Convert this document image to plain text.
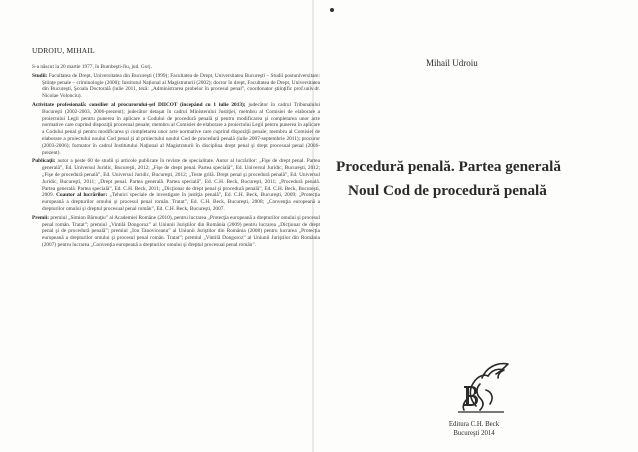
UDROIU, MIHAIL

S-a născut la 20 martie 1977, în Bumbeşti-Jiu, jud. Gorj.

Studii: Facultatea de Drept, Universitatea din Bucureşti (1999); Facultatea de Drept, Universitatea Bucureşti – Studii postuniversitare: Ştiinţe penale – criminologie (2000); Institutul Naţional al Magistraturii (2002); doctor în drept, Facultatea de Drept, Universitatea din Bucureşti, Şcoala Doctorală (iulie 2011, teză: „Administrarea probelor în procesul penal”, coordonator ştiinţific prof.univ.dr. Nicolae Volonciu).

Activitate profesională: consilier al procurorului-şef DIICOT (începând cu 1 iulie 2013); judecător în cadrul Tribunalului Bucureşti (2002-2003, 2006-prezent); judecător detaşat în cadrul Ministerului Justiţiei, membru al Comisiei de elaborare a proiectului Legii pentru punerea în aplicare a Codului de procedură penală şi pentru modificarea şi completarea unor acte normative care cuprind dispoziţii procesual penale; membru al Comisiei de elaborare a proiectului Legii pentru punerea în aplicare a Codului penal şi pentru modificarea şi completarea unor acte normative care cuprind dispoziţii penale; membru al Comisiei de elaborare a proiectului noului Cod penal şi al proiectului noului Cod de procedură penală (iulie 2007-septembrie 2011); procuror (2003-2006); formator în cadrul Institutului Naţional al Magistraturii în disciplina drept penal şi drept procesual penal (2006-prezent).

Publicaţii: autor a peste 60 de studii şi articole publicate în reviste de specialitate. Autor al lucrărilor: „Fişe de drept penal. Partea generală”, Ed. Universul Juridic, Bucureşti, 2012; „Fişe de drept penal. Partea specială”, Ed. Universul Juridic, Bucureşti, 2012; „Fişe de procedură penală”, Ed. Universul Juridic, Bucureşti, 2012; „Teste grilă. Drept penal şi procedură penală”, Ed. Universul Juridic, Bucureşti, 2011; „Drept penal. Partea generală. Partea specială”, Ed. C.H. Beck, Bucureşti, 2011; „Procedură penală. Partea generală. Partea specială”, Ed. C.H. Beck, 2011; „Dicţionar de drept penal şi procedură penală”, Ed. C.H. Beck, Bucureşti, 2009. Coautor al lucrărilor: „Tehnici speciale de investigare în justiţia penală”, Ed. C.H. Beck, Bucureşti, 2009; „Protecţia europeană a drepturilor omului şi procesul penal român. Tratat”, Ed. C.H. Beck, Bucureşti, 2008; „Convenţia europeană a drepturilor omului şi dreptul procesual penal român”, Ed. C.H. Beck, Bucureşti, 2007.

Premii: premiul „Simion Bărnuţiu” al Academiei Române (2010), pentru lucrarea „Protecţia europeană a drepturilor omului şi procesul penal român. Tratat”; premiul „Vintilă Dongoroz” al Uniunii Juriştilor din România (2009) pentru lucrarea „Dicţionar de drept penal şi de procedură penală”; premiul „Ion Tanoviceanu” al Uniunii Juriştilor din România (2008) pentru lucrarea „Protecţia europeană a drepturilor omului şi procesul penal român. Tratat”; premiul „Vintilă Dongoroz” al Uniunii Juriştilor din România (2007) pentru lucrarea „Convenţia europeană a drepturilor omului şi dreptul procesual penal român”.

Mihail Udroiu
Procedură penală. Partea generală
Noul Cod de procedură penală
Editura C.H. Beck
Bucureşti 2014
